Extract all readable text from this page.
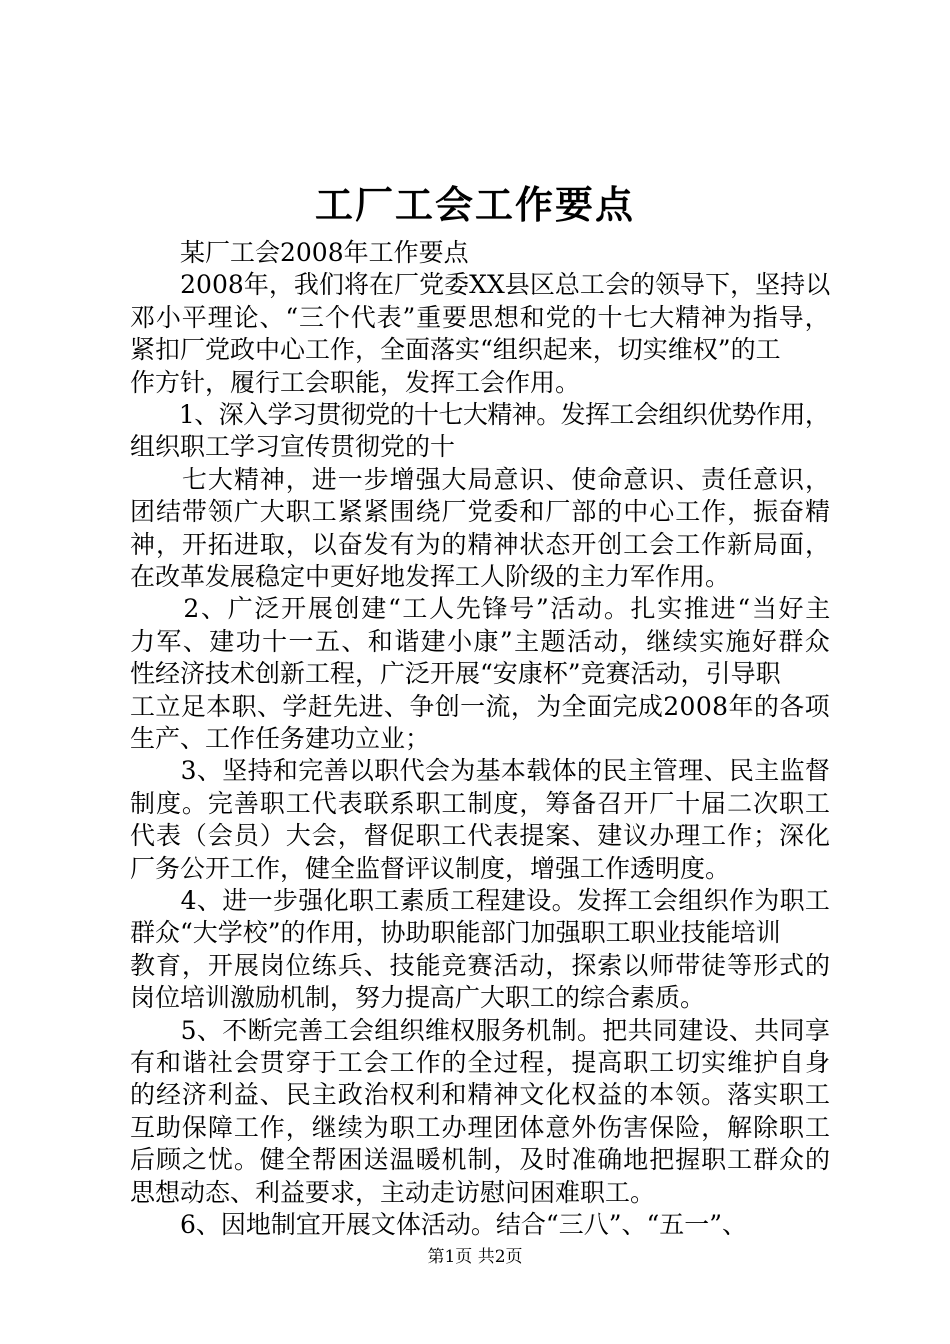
工厂工会工作要点
　　某厂工会2008年工作要点
　　2008年，我们将在厂党委XX县区总工会的领导下，坚持以
邓小平理论、“三个代表”重要思想和党的十七大精神为指导，
紧扣厂党政中心工作，全面落实“组织起来，切实维权”的工
作方针，履行工会职能，发挥工会作用。
　　1、深入学习贯彻党的十七大精神。发挥工会组织优势作用，
组织职工学习宣传贯彻党的十
　　七大精神，进一步增强大局意识、使命意识、责任意识，
团结带领广大职工紧紧围绕厂党委和厂部的中心工作，振奋精
神，开拓进取，以奋发有为的精神状态开创工会工作新局面，
在改革发展稳定中更好地发挥工人阶级的主力军作用。
　　2、广泛开展创建“工人先锋号”活动。扎实推进“当好主
力军、建功十一五、和谐建小康”主题活动，继续实施好群众
性经济技术创新工程，广泛开展“安康杯”竞赛活动，引导职
工立足本职、学赶先进、争创一流，为全面完成2008年的各项
生产、工作任务建功立业；
　　3、坚持和完善以职代会为基本载体的民主管理、民主监督
制度。完善职工代表联系职工制度，筹备召开厂十届二次职工
代表（会员）大会，督促职工代表提案、建议办理工作；深化
厂务公开工作，健全监督评议制度，增强工作透明度。
　　4、进一步强化职工素质工程建设。发挥工会组织作为职工
群众“大学校”的作用，协助职能部门加强职工职业技能培训
教育，开展岗位练兵、技能竞赛活动，探索以师带徒等形式的
岗位培训激励机制，努力提高广大职工的综合素质。
　　5、不断完善工会组织维权服务机制。把共同建设、共同享
有和谐社会贯穿于工会工作的全过程，提高职工切实维护自身
的经济利益、民主政治权利和精神文化权益的本领。落实职工
互助保障工作，继续为职工办理团体意外伤害保险，解除职工
后顾之忧。健全帮困送温暖机制，及时准确地把握职工群众的
思想动态、利益要求，主动走访慰问困难职工。
　　6、因地制宜开展文体活动。结合“三八”、“五一”、
第1页 共2页
